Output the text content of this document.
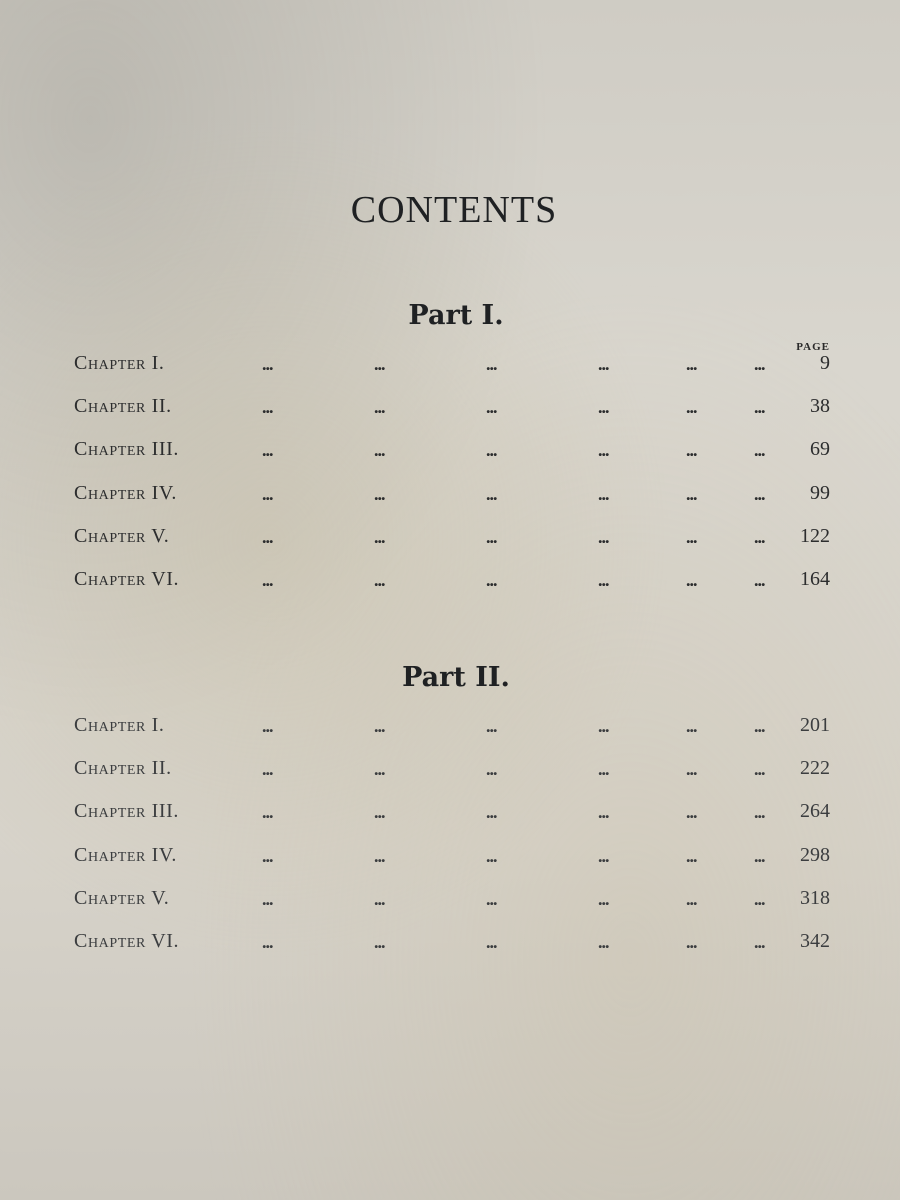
CONTENTS
Part I.
PAGE
...	...	...	...	...	...
Chapter I.	9
...	...	...	...	...	...
Chapter II.	38
...	...	...	...	...	...
Chapter III.	69
...	...	...	...	...	...
Chapter IV.	99
...	...	...	...	...	...
Chapter V.	122
...	...	...	...	...	...
Chapter VI.	164
Part II.
...	...	...	...	...	...
Chapter I.	201
...	...	...	...	...	...
Chapter II.	222
...	...	...	...	...	...
Chapter III.	264
...	...	...	...	...	...
Chapter IV.	298
...	...	...	...	...	...
Chapter V.	318
...	...	...	...	...	...
Chapter VI.	342
